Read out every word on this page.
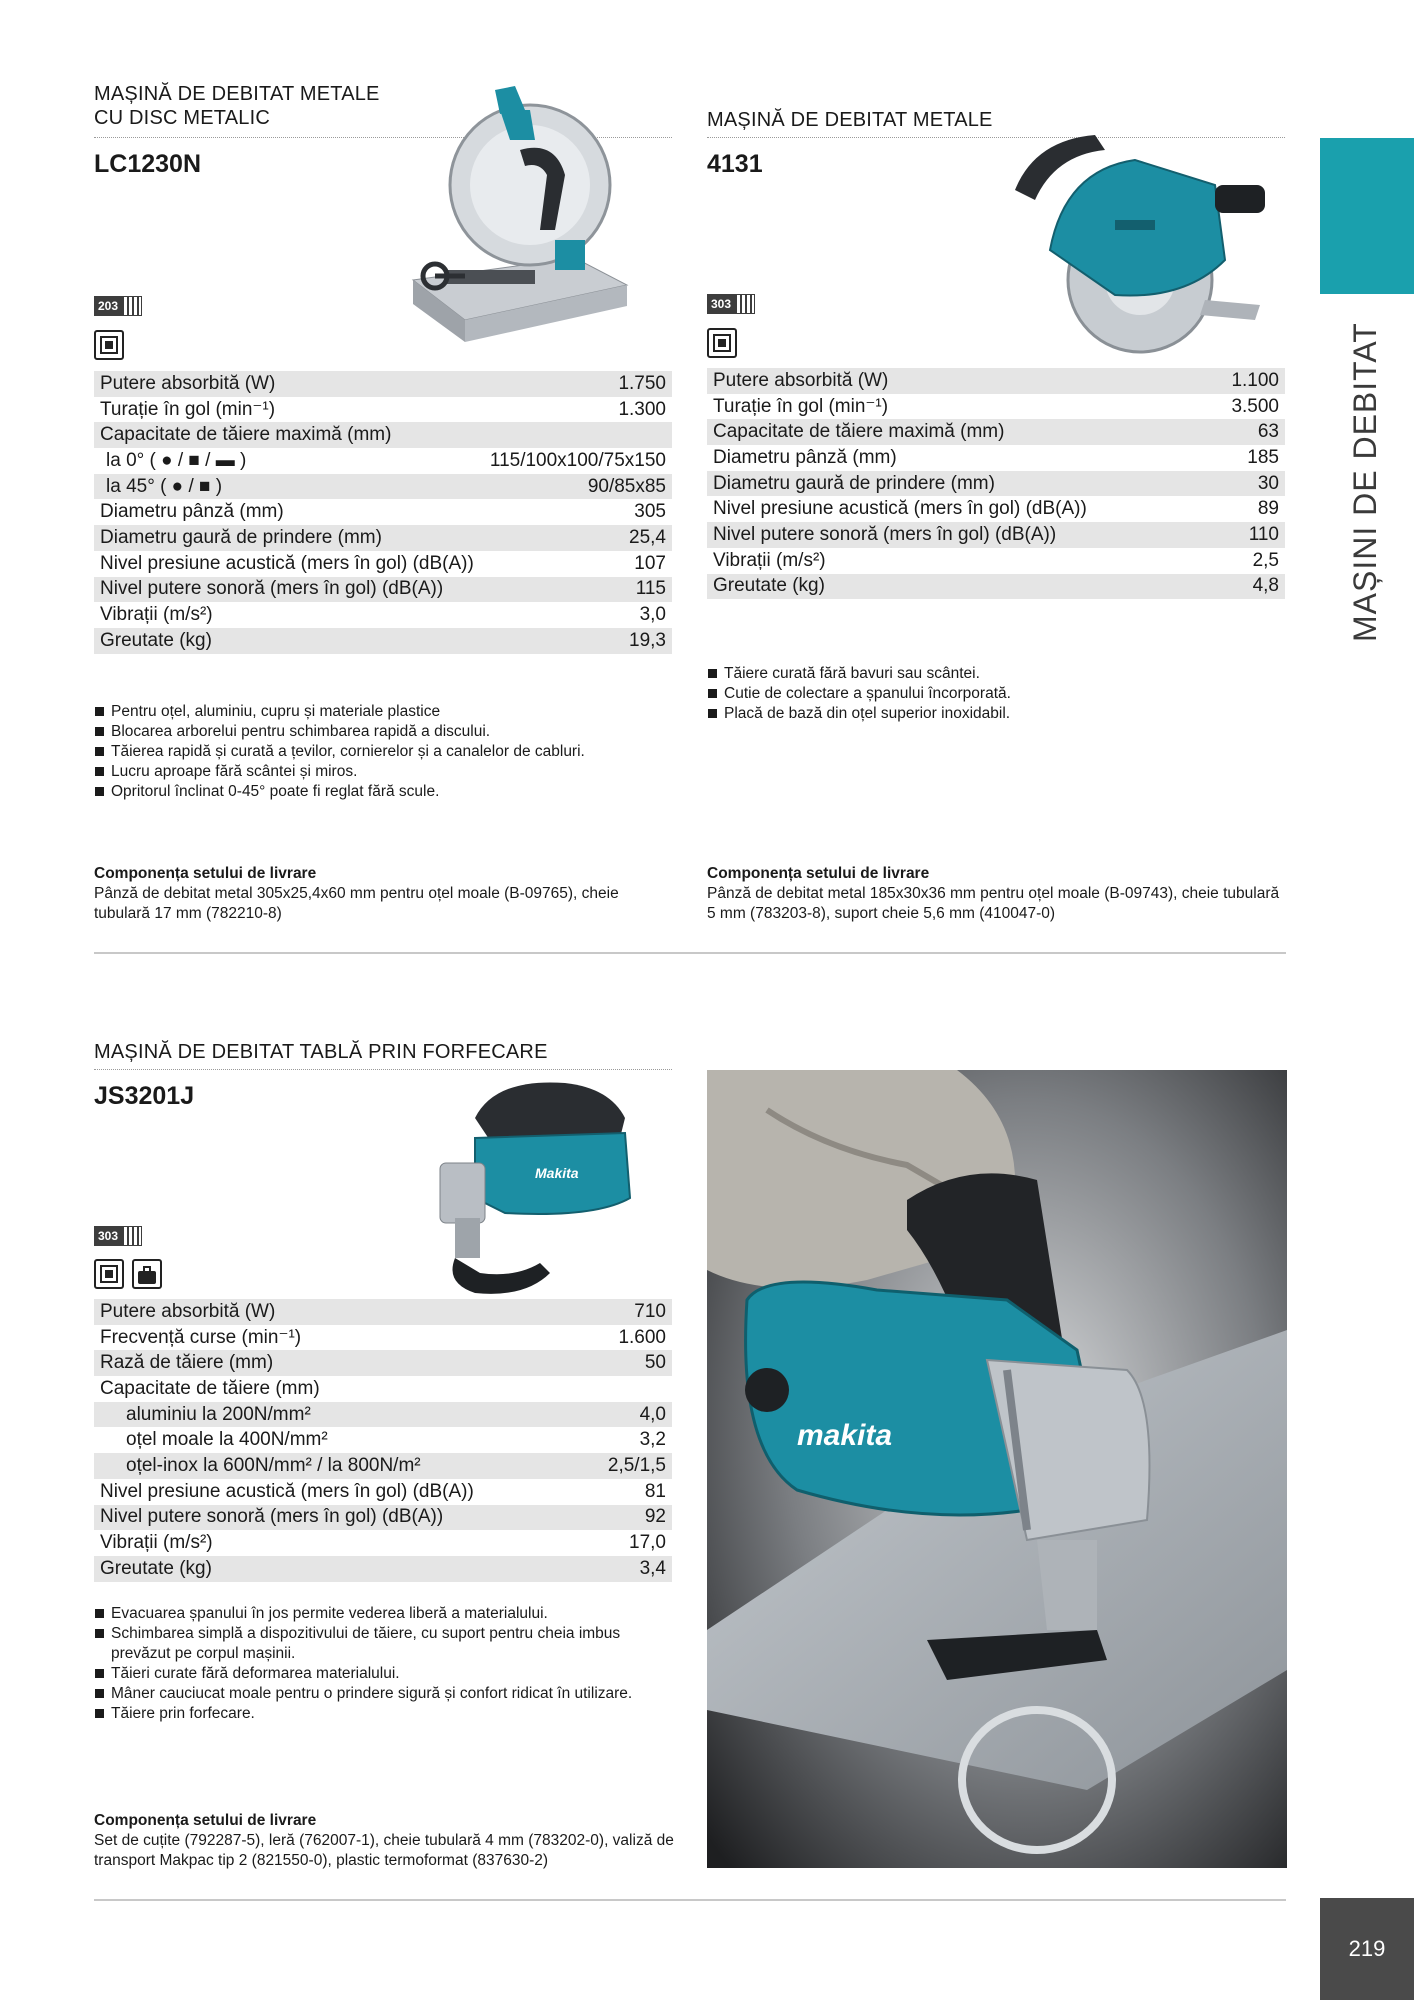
MAȘINĂ DE DEBITAT METALE
CU DISC METALIC
LC1230N
203
Putere absorbită (W)	1.750
Turație în gol (min⁻¹)	1.300
Capacitate de tăiere maximă (mm)	
la 0° ( ● / ■ / ▬ )	115/100x100/75x150
la 45° ( ● / ■ )	90/85x85
Diametru pânză (mm)	305
Diametru gaură de prindere (mm)	25,4
Nivel presiune acustică (mers în gol) (dB(A))	107
Nivel putere sonoră (mers în gol) (dB(A))	115
Vibrații (m/s²)	3,0
Greutate (kg)	19,3
Pentru oțel, aluminiu, cupru și materiale plastice
Blocarea arborelui pentru schimbarea rapidă a discului.
Tăierea rapidă și curată a țevilor, cornierelor și a canalelor de cabluri.
Lucru aproape fără scântei și miros.
Opritorul înclinat 0-45° poate fi reglat fără scule.
Componența setului de livrare
Pânză de debitat metal 305x25,4x60 mm pentru oțel moale (B-09765), cheie tubulară 17 mm (782210-8)
MAȘINĂ DE DEBITAT METALE
4131
303
Putere absorbită (W)	1.100
Turație în gol (min⁻¹)	3.500
Capacitate de tăiere maximă (mm)	63
Diametru pânză (mm)	185
Diametru gaură de prindere (mm)	30
Nivel presiune acustică (mers în gol) (dB(A))	89
Nivel putere sonoră (mers în gol) (dB(A))	110
Vibrații (m/s²)	2,5
Greutate (kg)	4,8
Tăiere curată fără bavuri sau scântei.
Cutie de colectare a șpanului încorporată.
Placă de bază din oțel superior inoxidabil.
Componența setului de livrare
Pânză de debitat metal 185x30x36 mm pentru oțel moale (B-09743), cheie tubulară 5 mm (783203-8), suport cheie 5,6 mm (410047-0)
MAȘINĂ DE DEBITAT TABLĂ PRIN FORFECARE
JS3201J
Makita
303
Putere absorbită (W)	710
Frecvență curse (min⁻¹)	1.600
Rază de tăiere (mm)	50
Capacitate de tăiere (mm)	
aluminiu la 200N/mm²	4,0
oțel moale la 400N/mm²	3,2
oțel-inox la 600N/mm² / la 800N/m²	2,5/1,5
Nivel presiune acustică (mers în gol) (dB(A))	81
Nivel putere sonoră (mers în gol) (dB(A))	92
Vibrații (m/s²)	17,0
Greutate (kg)	3,4
Evacuarea șpanului în jos permite vederea liberă a materialului.
Schimbarea simplă a dispozitivului de tăiere, cu suport pentru cheia imbus prevăzut pe corpul mașinii.
Tăieri curate fără deformarea materialului.
Mâner cauciucat moale pentru o prindere sigură și confort ridicat în utilizare.
Tăiere prin forfecare.
Componența setului de livrare
Set de cuțite (792287-5), leră (762007-1), cheie tubulară 4 mm (783202-0), valiză de transport Makpac tip 2 (821550-0), plastic termoformat (837630-2)
makita
MAȘINI DE DEBITAT
219
